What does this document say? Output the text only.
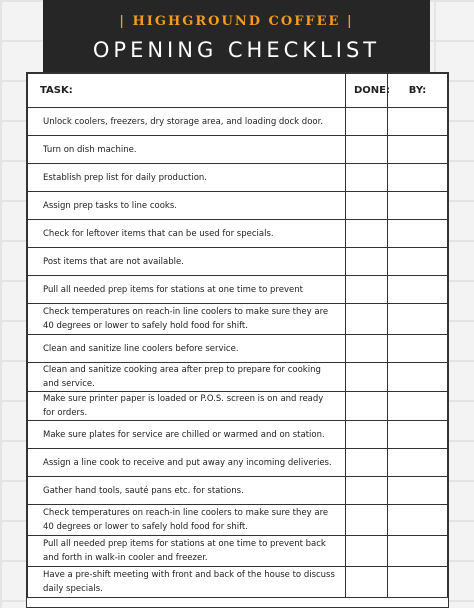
| HIGHGROUND COFFEE |
OPENING CHECKLIST
TASK:	DONE:	BY:
Unlock coolers, freezers, dry storage area, and loading dock door.		
Turn on dish machine.		
Establish prep list for daily production.		
Assign prep tasks to line cooks.		
Check for leftover items that can be used for specials.		
Post items that are not available.		
Pull all needed prep items for stations at one time to prevent		
Check temperatures on reach-in line coolers to make sure they are 40 degrees or lower to safely hold food for shift.		
Clean and sanitize line coolers before service.		
Clean and sanitize cooking area after prep to prepare for cooking and service.		
Make sure printer paper is loaded or P.O.S. screen is on and ready for orders.		
Make sure plates for service are chilled or warmed and on station.		
Assign a line cook to receive and put away any incoming deliveries.		
Gather hand tools, sauté pans etc. for stations.		
Check temperatures on reach-in line coolers to make sure they are 40 degrees or lower to safely hold food for shift.		
Pull all needed prep items for stations at one time to prevent back and forth in walk-in cooler and freezer.		
Have a pre-shift meeting with front and back of the house to discuss daily specials.		
